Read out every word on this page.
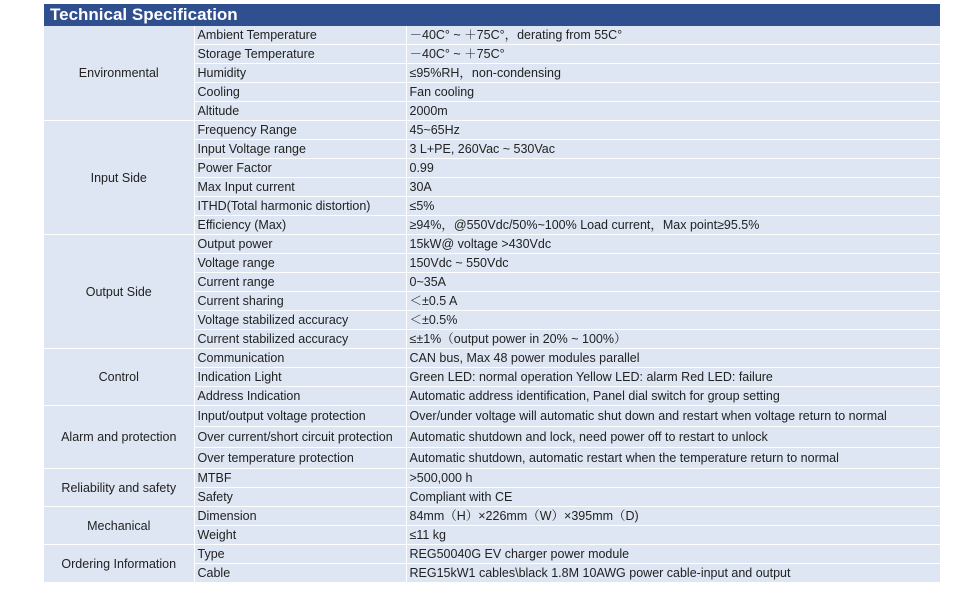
Technical Specification
Environmental	Ambient Temperature	－40C° ~ ＋75C°，derating from 55C°
	Storage Temperature	－40C° ~ ＋75C°
	Humidity	≤95%RH，non-condensing
	Cooling	Fan cooling
	Altitude	2000m
Input Side	Frequency Range	45~65Hz
	Input Voltage range	3 L+PE, 260Vac ~ 530Vac
	Power Factor	0.99
	Max Input current	30A
	ITHD(Total harmonic distortion)	≤5%
	Efficiency (Max)	≥94%，@550Vdc/50%~100% Load current，Max point≥95.5%
Output Side	Output power	15kW@ voltage >430Vdc
	Voltage range	150Vdc ~ 550Vdc
	Current range	0~35A
	Current sharing	＜±0.5 A
	Voltage stabilized accuracy	＜±0.5%
	Current stabilized accuracy	≤±1%（output power in 20% ~ 100%）
Control	Communication	CAN bus, Max 48 power modules parallel
	Indication Light	Green LED: normal operation Yellow LED: alarm Red LED: failure
	Address Indication	Automatic address identification, Panel dial switch for group setting
Alarm and protection	Input/output voltage protection	Over/under voltage will automatic shut down and restart when voltage return to normal
	Over current/short circuit protection	Automatic shutdown and lock, need power off to restart to unlock
	Over temperature protection	Automatic shutdown, automatic restart when the temperature return to normal
Reliability and safety	MTBF	>500,000 h
	Safety	Compliant with CE
Mechanical	Dimension	84mm（H）×226mm（W）×395mm（D)
	Weight	≤11 kg
Ordering Information	Type	REG50040G EV charger power module
	Cable	REG15kW1 cables\black 1.8M 10AWG power cable-input and output
